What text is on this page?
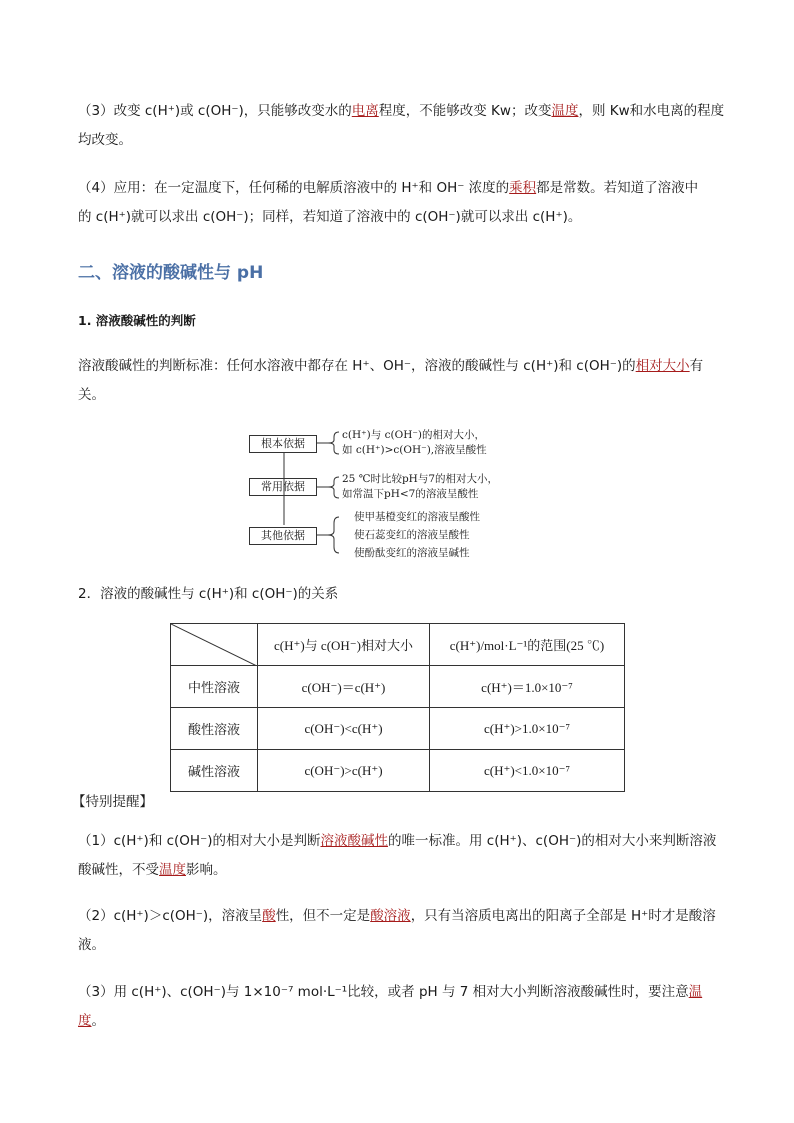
（3）改变 c(H⁺)或 c(OH⁻)，只能够改变水的电离程度，不能够改变 Kw；改变温度，则 Kw和水电离的程度
均改变。
（4）应用：在一定温度下，任何稀的电解质溶液中的 H⁺和 OH⁻ 浓度的乘积都是常数。若知道了溶液中
的 c(H⁺)就可以求出 c(OH⁻)；同样，若知道了溶液中的 c(OH⁻)就可以求出 c(H⁺)。
二、溶液的酸碱性与 pH
1. 溶液酸碱性的判断
溶液酸碱性的判断标准：任何水溶液中都存在 H⁺、OH⁻，溶液的酸碱性与 c(H⁺)和 c(OH⁻)的相对大小有
关。
根本依据
c(H⁺)与 c(OH⁻)的相对大小，
如 c(H⁺)>c(OH⁻),溶液呈酸性
常用依据
25 ℃时比较pH与7的相对大小，
如常温下pH<7的溶液呈酸性
其他依据
使甲基橙变红的溶液呈酸性
使石蕊变红的溶液呈酸性
使酚酞变红的溶液呈碱性
2．溶液的酸碱性与 c(H⁺)和 c(OH⁻)的关系
	c(H⁺)与 c(OH⁻)相对大小	c(H⁺)/mol·L⁻¹的范围(25 ℃)
中性溶液	c(OH⁻)＝c(H⁺)	c(H⁺)＝1.0×10⁻⁷
酸性溶液	c(OH⁻)<c(H⁺)	c(H⁺)>1.0×10⁻⁷
碱性溶液	c(OH⁻)>c(H⁺)	c(H⁺)<1.0×10⁻⁷
【特别提醒】
（1）c(H⁺)和 c(OH⁻)的相对大小是判断溶液酸碱性的唯一标准。用 c(H⁺)、c(OH⁻)的相对大小来判断溶液
酸碱性，不受温度影响。
（2）c(H⁺)＞c(OH⁻)，溶液呈酸性，但不一定是酸溶液，只有当溶质电离出的阳离子全部是 H⁺时才是酸溶
液。
（3）用 c(H⁺)、c(OH⁻)与 1×10⁻⁷ mol·L⁻¹比较，或者 pH 与 7 相对大小判断溶液酸碱性时，要注意温度。
